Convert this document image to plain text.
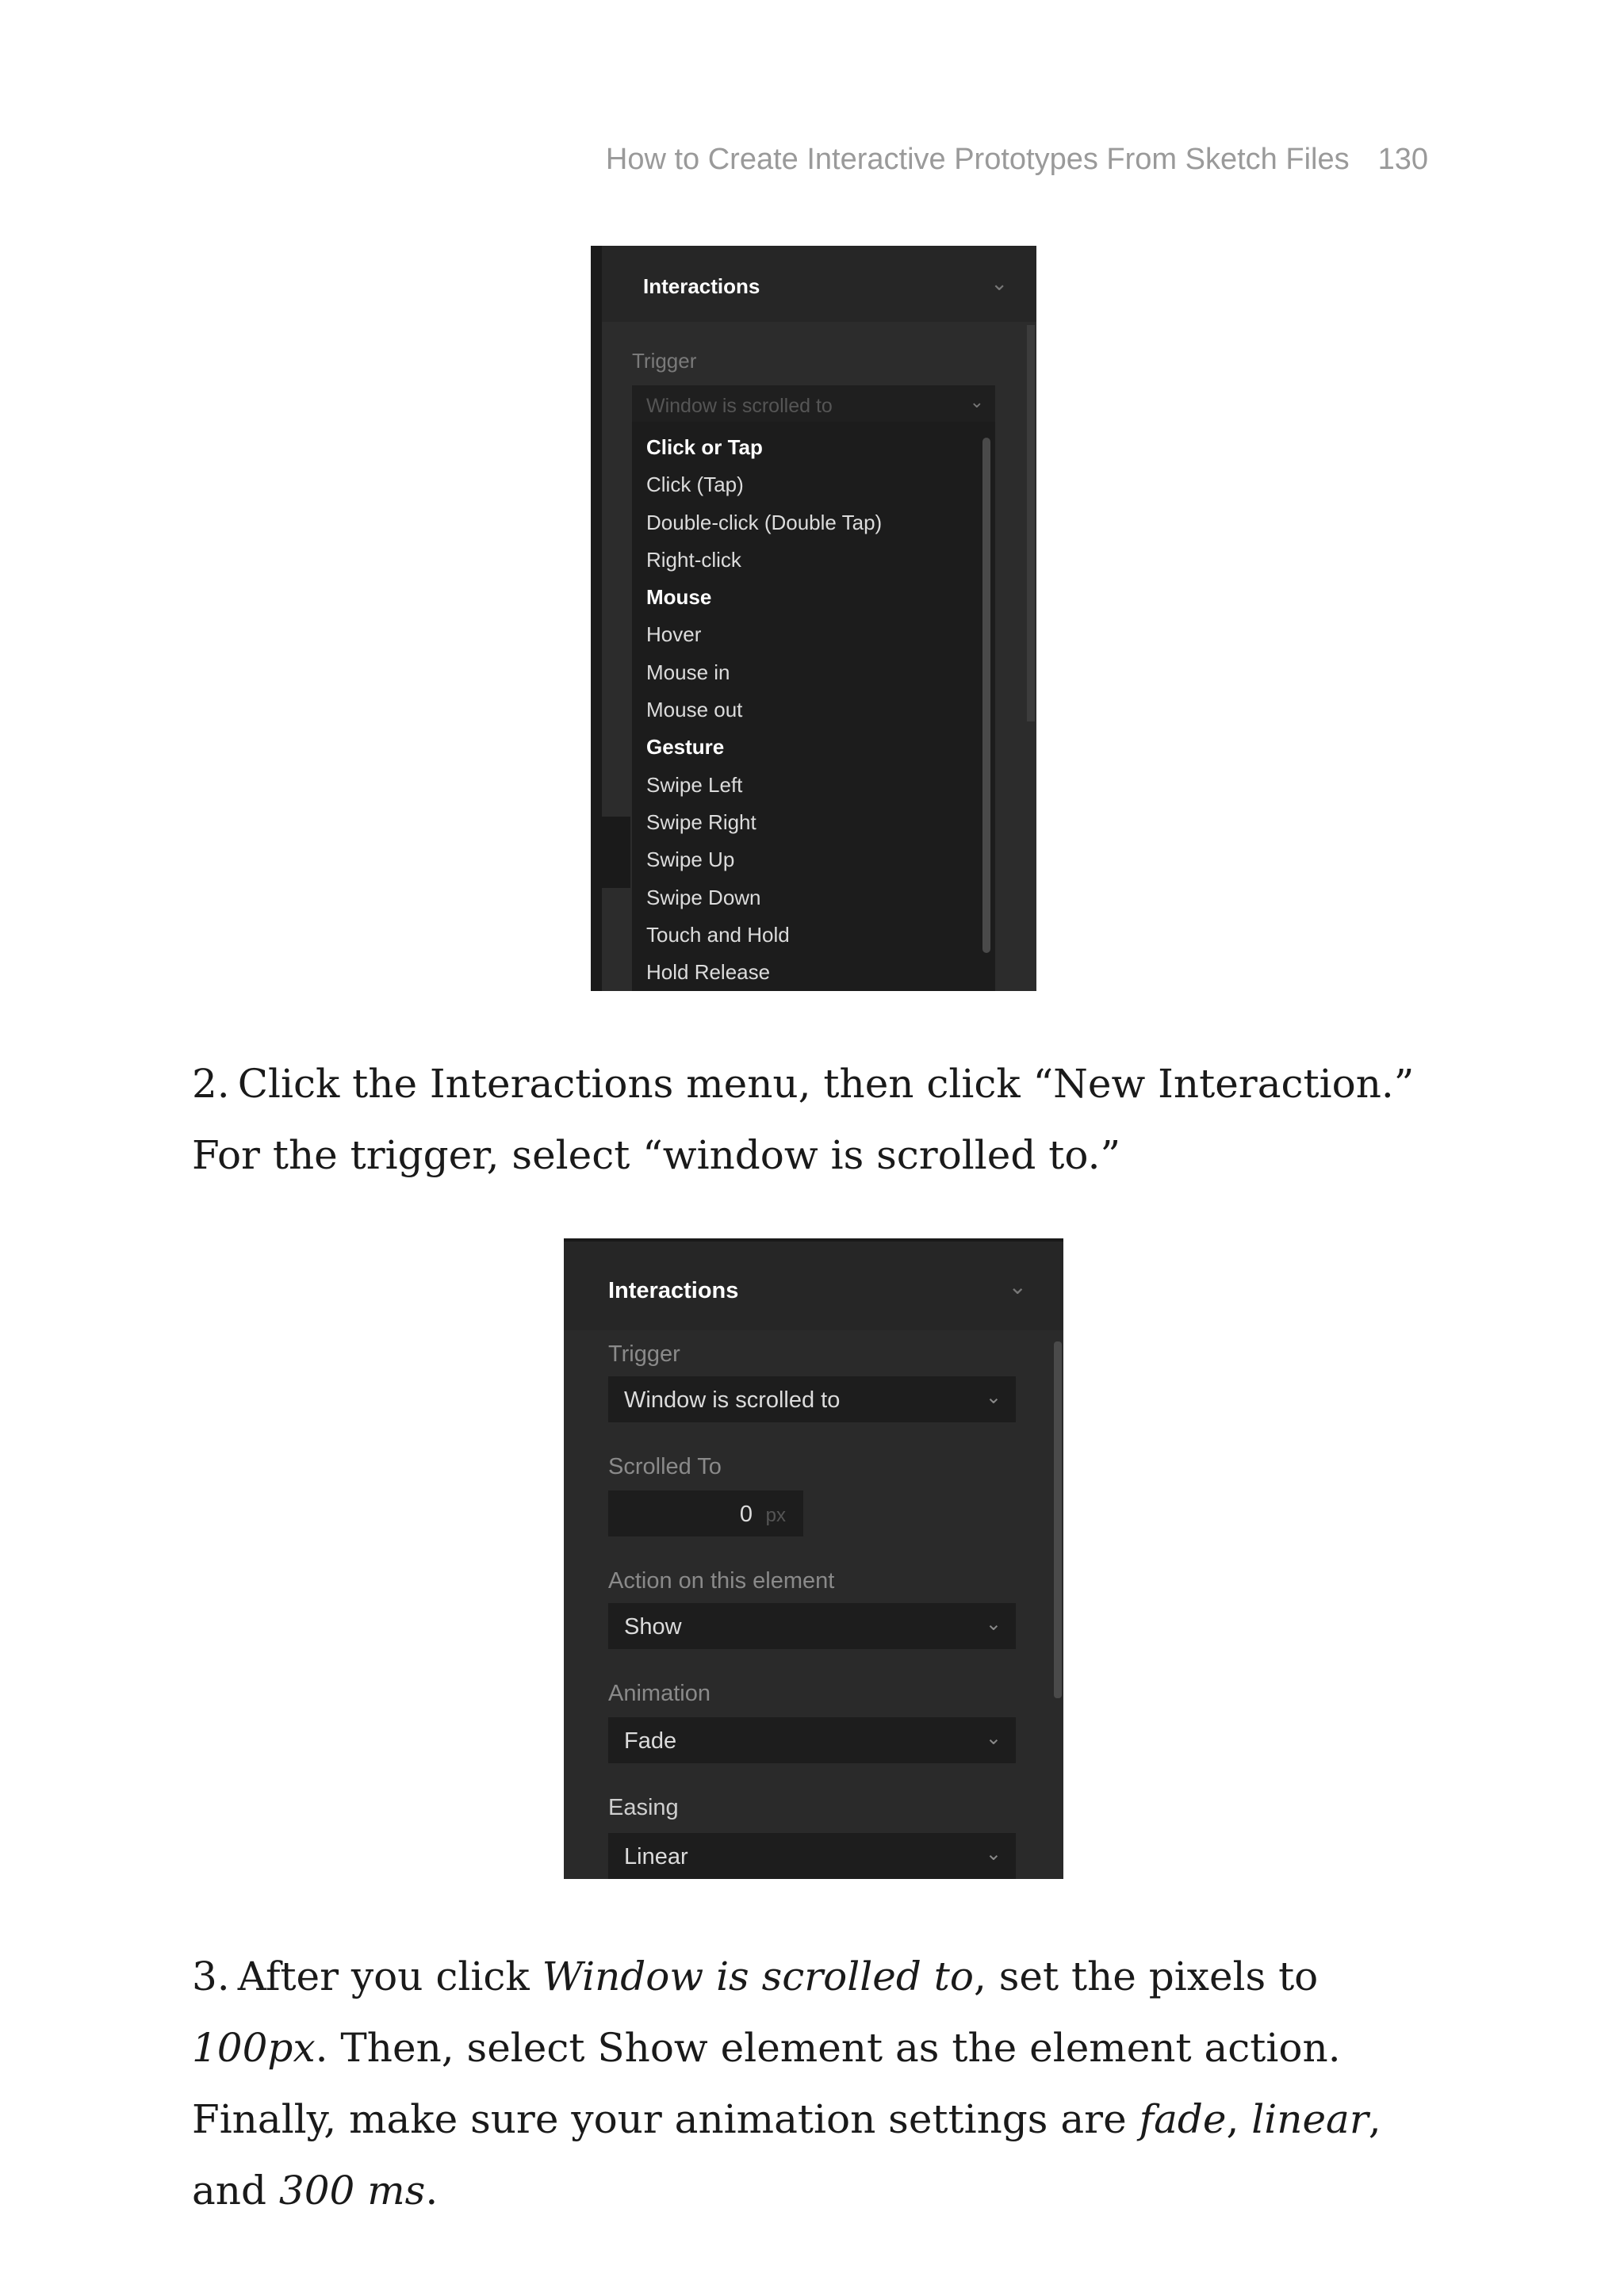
How to Create Interactive Prototypes From Sketch Files 130
Interactions	⌄
Trigger
Window is scrolled to	⌄
Click or Tap
Click (Tap)
Double-click (Double Tap)
Right-click
Mouse
Hover
Mouse in
Mouse out
Gesture
Swipe Left
Swipe Right
Swipe Up
Swipe Down
Touch and Hold
Hold Release

2. Click the Interactions menu, then click “New Interaction.” For the trigger, select “window is scrolled to.”

Interactions	⌄
Trigger
Window is scrolled to	⌄
Scrolled To
0 px
Action on this element
Show	⌄
Animation
Fade	⌄
Easing
Linear	⌄

3. After you click Window is scrolled to, set the pixels to 100px. Then, select Show element as the element action. Finally, make sure your animation settings are fade, linear, and 300 ms.
